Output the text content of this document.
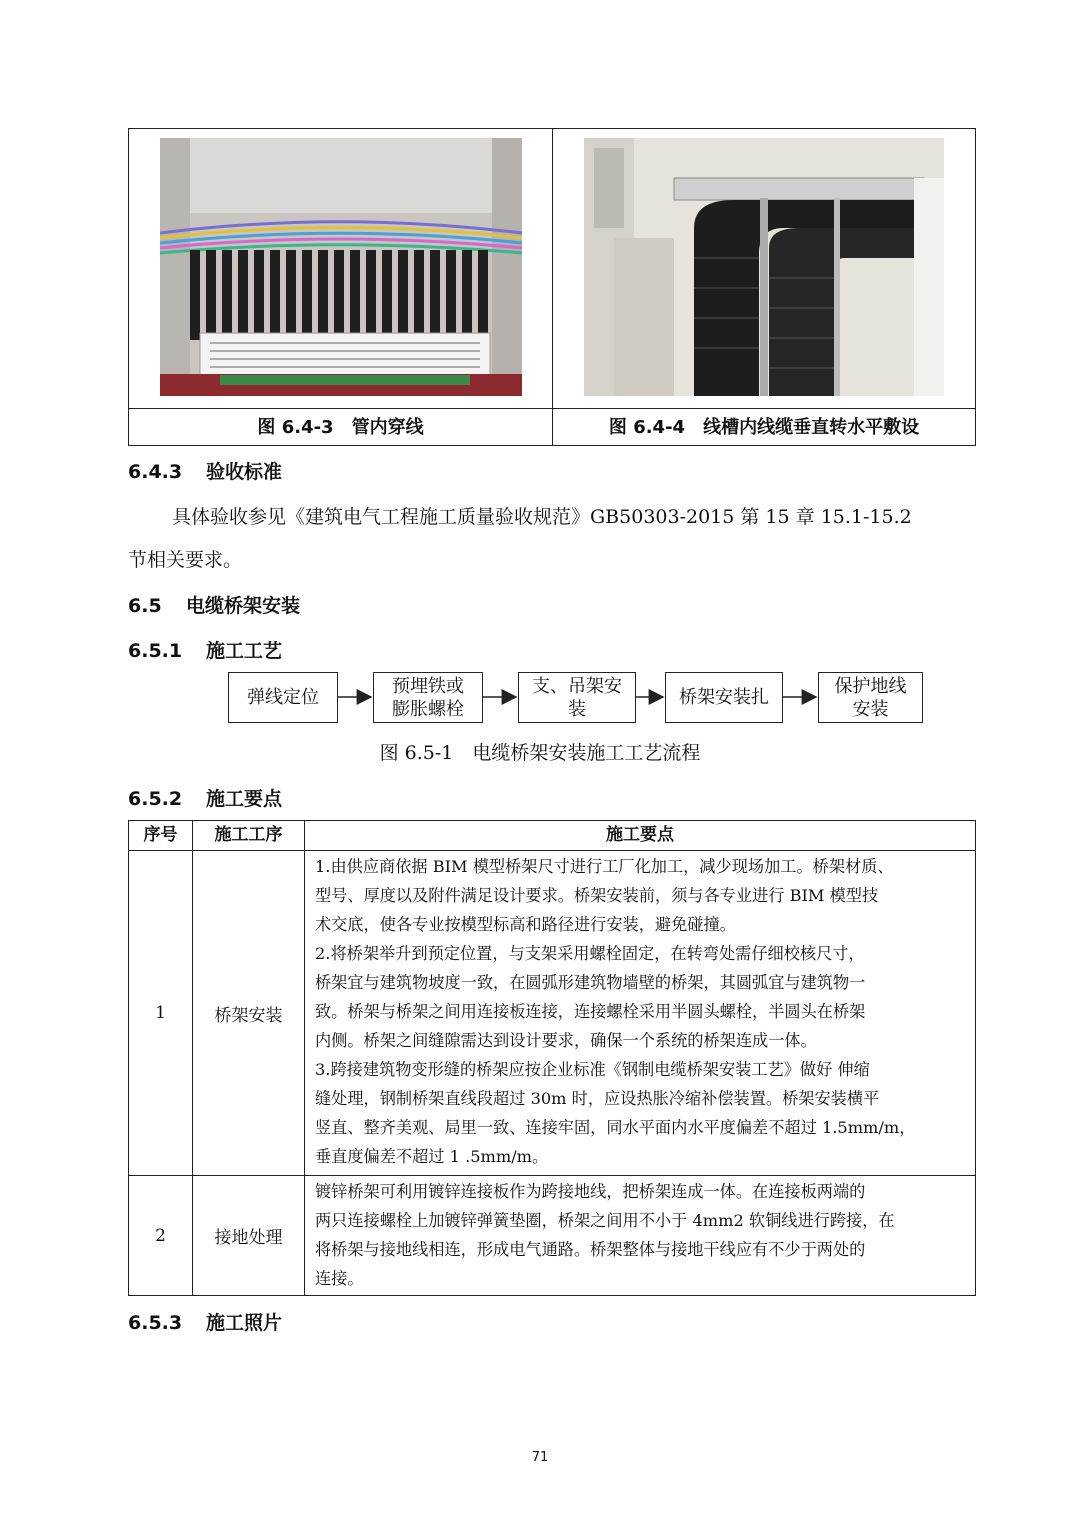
图 6.4-3　管内穿线	图 6.4-4　线槽内线缆垂直转水平敷设
6.4.3 验收标准
具体验收参见《建筑电气工程施工质量验收规范》GB50303-2015 第 15 章 15.1-15.2
节相关要求。
6.5 电缆桥架安装
6.5.1 施工工艺
弹线定位
预埋铁或
膨胀螺栓
支、吊架安
装
桥架安装扎
保护地线
安装
图 6.5-1　电缆桥架安装施工工艺流程
6.5.2 施工要点
序号	施工工序	施工要点
1	桥架安装
1.由供应商依据 BIM 模型桥架尺寸进行工厂化加工，减少现场加工。桥架材质、
型号、厚度以及附件满足设计要求。桥架安装前，须与各专业进行 BIM 模型技
术交底，使各专业按模型标高和路径进行安装，避免碰撞。
2.将桥架举升到预定位置，与支架采用螺栓固定，在转弯处需仔细校核尺寸，
桥架宜与建筑物坡度一致，在圆弧形建筑物墙壁的桥架，其圆弧宜与建筑物一
致。桥架与桥架之间用连接板连接，连接螺栓采用半圆头螺栓，半圆头在桥架
内侧。桥架之间缝隙需达到设计要求，确保一个系统的桥架连成一体。
3.跨接建筑物变形缝的桥架应按企业标准《钢制电缆桥架安装工艺》做好 伸缩
缝处理，钢制桥架直线段超过 30m 时，应设热胀冷缩补偿装置。桥架安装横平
竖直、整齐美观、局里一致、连接牢固，同水平面内水平度偏差不超过 1.5mm/m，
垂直度偏差不超过 1 .5mm/m。
2	接地处理
镀锌桥架可利用镀锌连接板作为跨接地线，把桥架连成一体。在连接板两端的
两只连接螺栓上加镀锌弹簧垫圈，桥架之间用不小于 4mm2 软铜线进行跨接，在
将桥架与接地线相连，形成电气通路。桥架整体与接地干线应有不少于两处的
连接。
6.5.3 施工照片
71
